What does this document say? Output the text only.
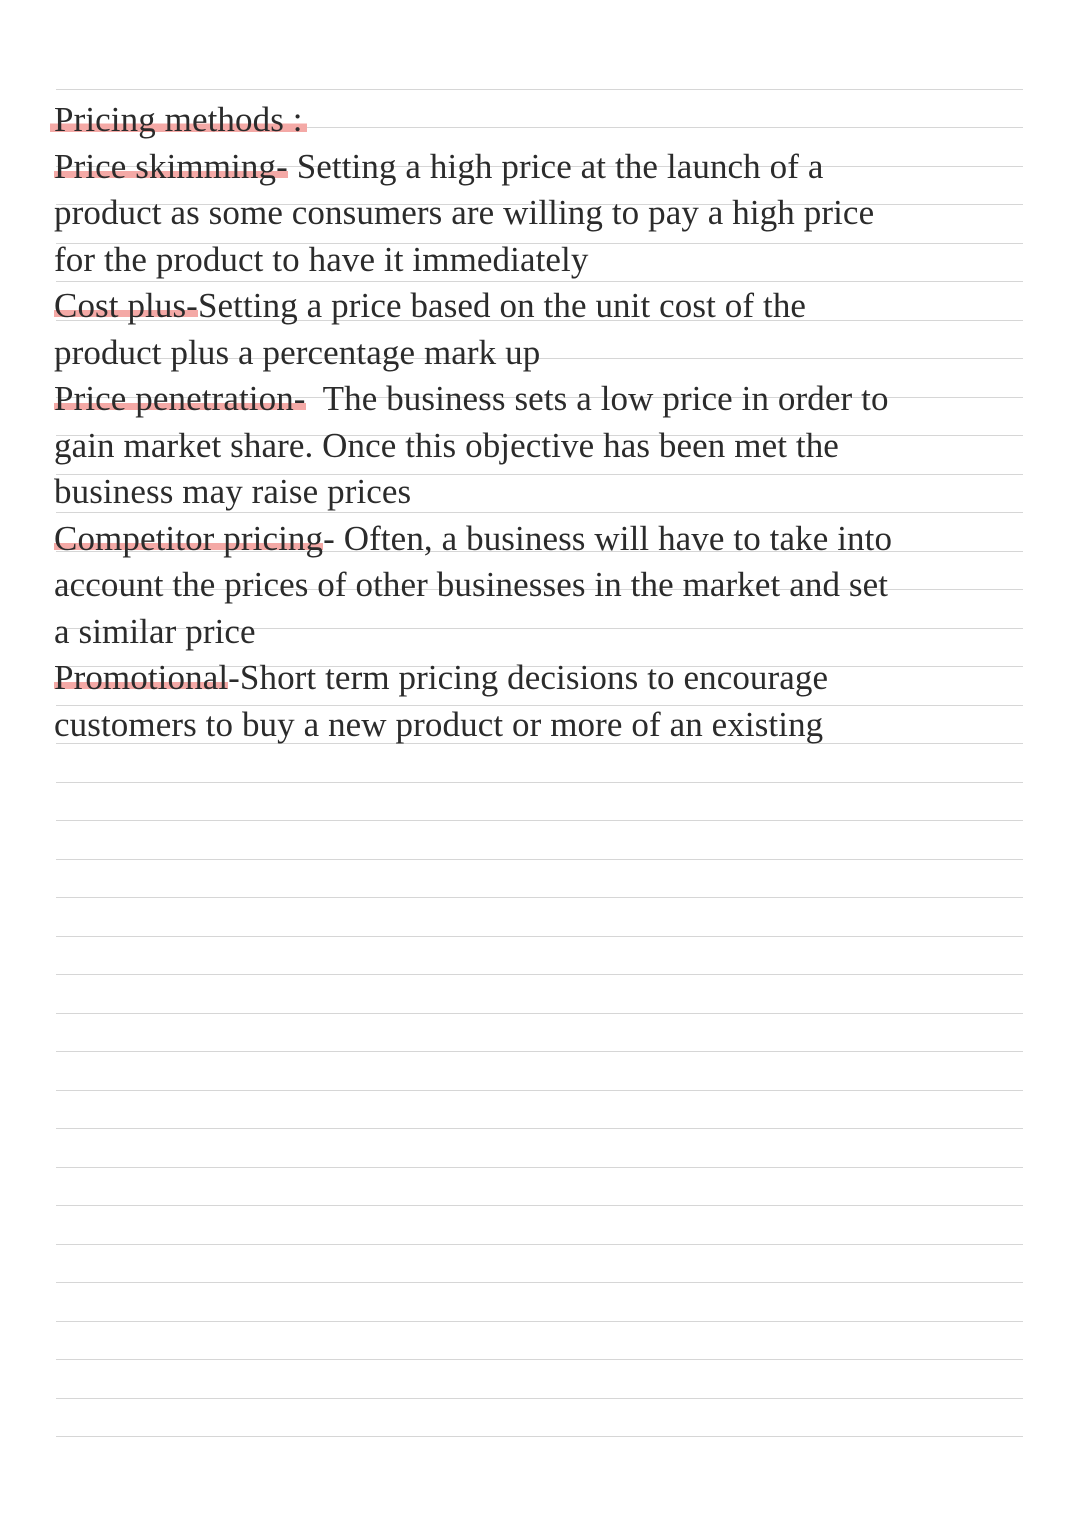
Pricing methods :
Price skimming- Setting a high price at the launch of a
product as some consumers are willing to pay a high price
for the product to have it immediately
Cost plus-Setting a price based on the unit cost of the
product plus a percentage mark up
Price penetration-  The business sets a low price in order to
gain market share. Once this objective has been met the
business may raise prices
Competitor pricing- Often, a business will have to take into
account the prices of other businesses in the market and set
a similar price
Promotional-Short term pricing decisions to encourage
customers to buy a new product or more of an existing
